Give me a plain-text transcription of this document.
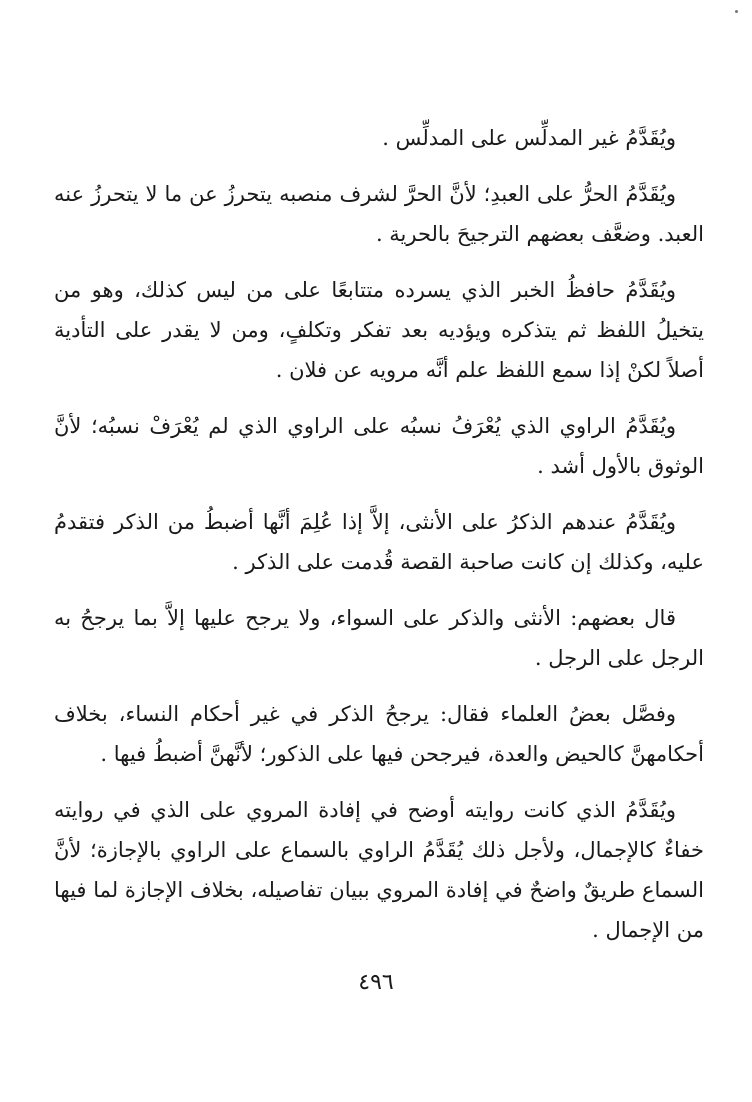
ويُقَدَّمُ غير المدلِّس على المدلِّس .

ويُقَدَّمُ الحرُّ على العبدِ؛ لأنَّ الحرَّ لشرف منصبه يتحرزُ عن ما لا يتحرزُ عنه العبد. وضعَّف بعضهم الترجيحَ بالحرية .

ويُقَدَّمُ حافظُ الخبر الذي يسرده متتابعًا على من ليس كذلك، وهو من يتخيلُ اللفظ ثم يتذكره ويؤديه بعد تفكر وتكلفٍ، ومن لا يقدر على التأدية أصلاً لكنْ إذا سمع اللفظ علم أنَّه مرويه عن فلان .

ويُقَدَّمُ الراوي الذي يُعْرَفُ نسبُه على الراوي الذي لم يُعْرَفْ نسبُه؛ لأنَّ الوثوق بالأول أشد .

ويُقَدَّمُ عندهم الذكرُ على الأنثى، إلاَّ إذا عُلِمَ أنَّها أضبطُ من الذكر فتقدمُ عليه، وكذلك إن كانت صاحبة القصة قُدمت على الذكر .

قال بعضهم: الأنثى والذكر على السواء، ولا يرجح عليها إلاَّ بما يرجحُ به الرجل على الرجل .

وفصَّل بعضُ العلماء فقال: يرجحُ الذكر في غير أحكام النساء، بخلاف أحكامهنَّ كالحيض والعدة، فيرجحن فيها على الذكور؛ لأنَّهنَّ أضبطُ فيها .

ويُقَدَّمُ الذي كانت روايته أوضح في إفادة المروي على الذي في روايته خفاءٌ كالإجمال، ولأجل ذلك يُقَدَّمُ الراوي بالسماع على الراوي بالإجازة؛ لأنَّ السماع طريقٌ واضحٌ في إفادة المروي ببيان تفاصيله، بخلاف الإجازة لما فيها من الإجمال .

٤٩٦
